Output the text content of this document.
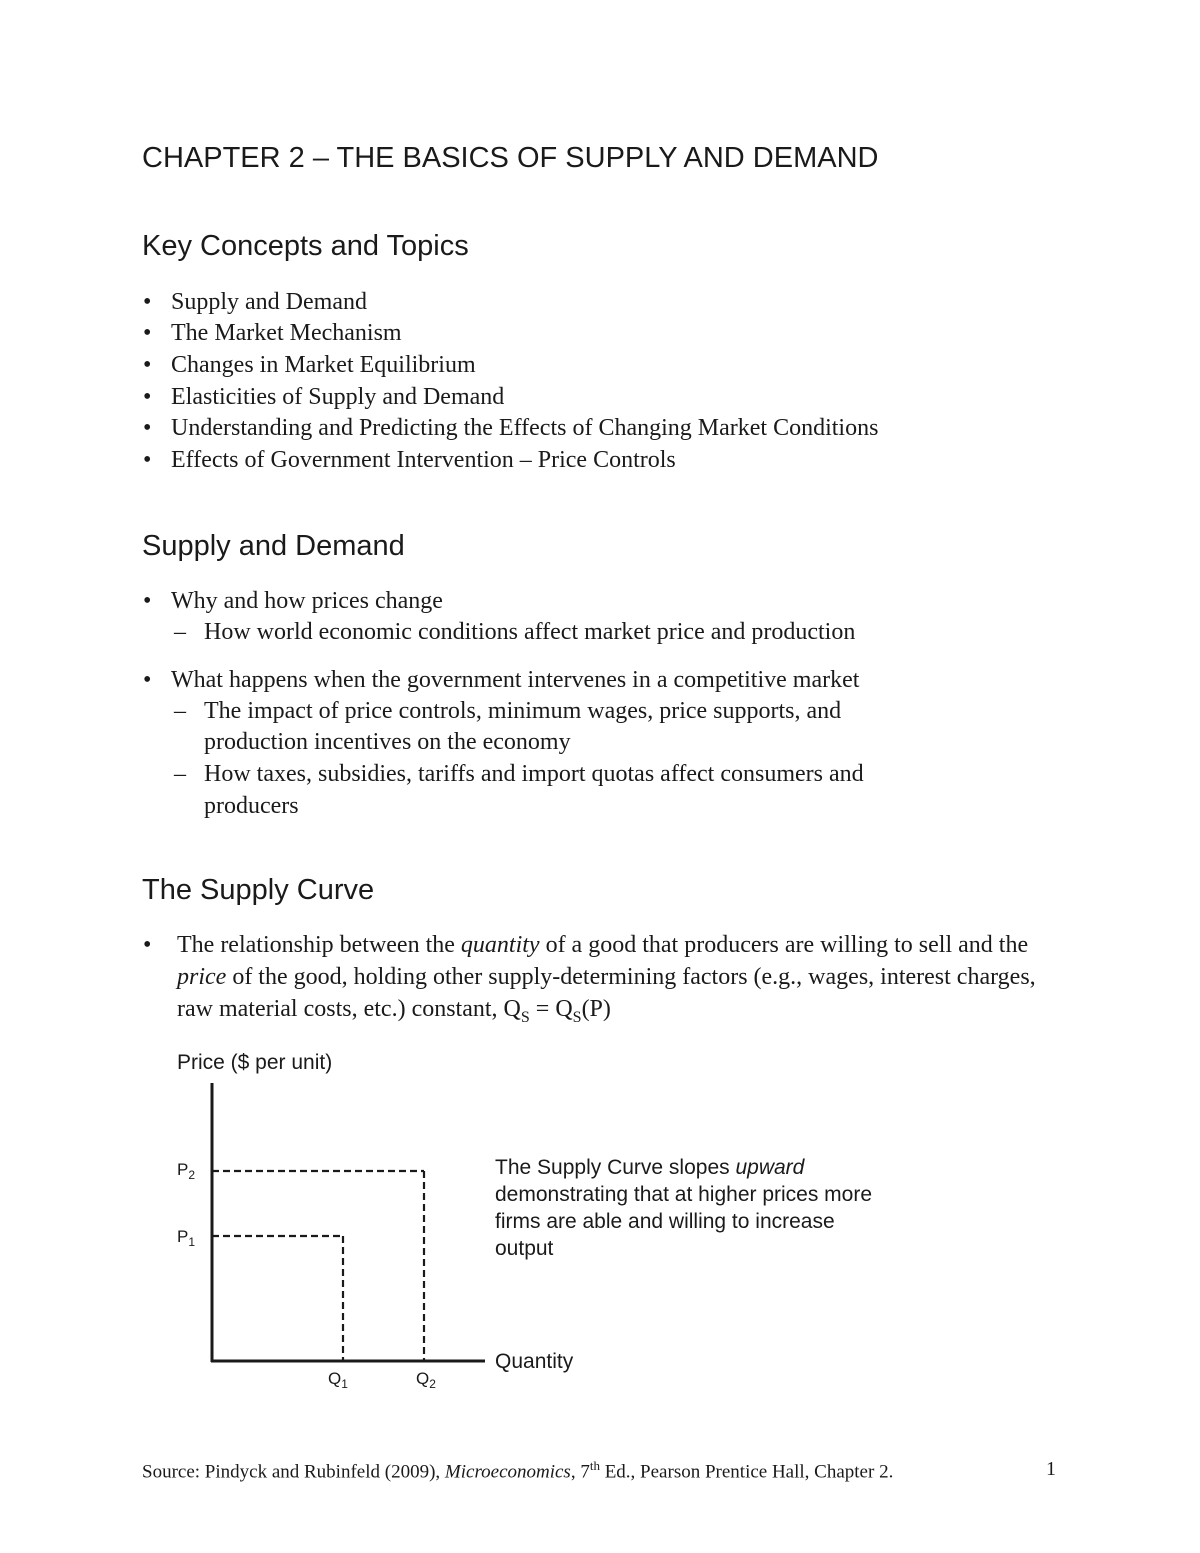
CHAPTER 2 – THE BASICS OF SUPPLY AND DEMAND
Key Concepts and Topics
• Supply and Demand
• The Market Mechanism
• Changes in Market Equilibrium
• Elasticities of Supply and Demand
• Understanding and Predicting the Effects of Changing Market Conditions
• Effects of Government Intervention – Price Controls
Supply and Demand
• Why and how prices change
– How world economic conditions affect market price and production
• What happens when the government intervenes in a competitive market
– The impact of price controls, minimum wages, price supports, and
production incentives on the economy
– How taxes, subsidies, tariffs and import quotas affect consumers and
producers
The Supply Curve
• The relationship between the quantity of a good that producers are willing to sell and the price of the good, holding other supply-determining factors (e.g., wages, interest charges, raw material costs, etc.) constant, $Q_S = Q_S(P)$
Price ($ per unit)
Quantity
$P_2$
$P_1$
$Q_1$	$Q_2$
The Supply Curve slopes upward demonstrating that at higher prices more firms are able and willing to increase output
Source: Pindyck and Rubinfeld (2009), Microeconomics, 7th Ed., Pearson Prentice Hall, Chapter 2.	1
